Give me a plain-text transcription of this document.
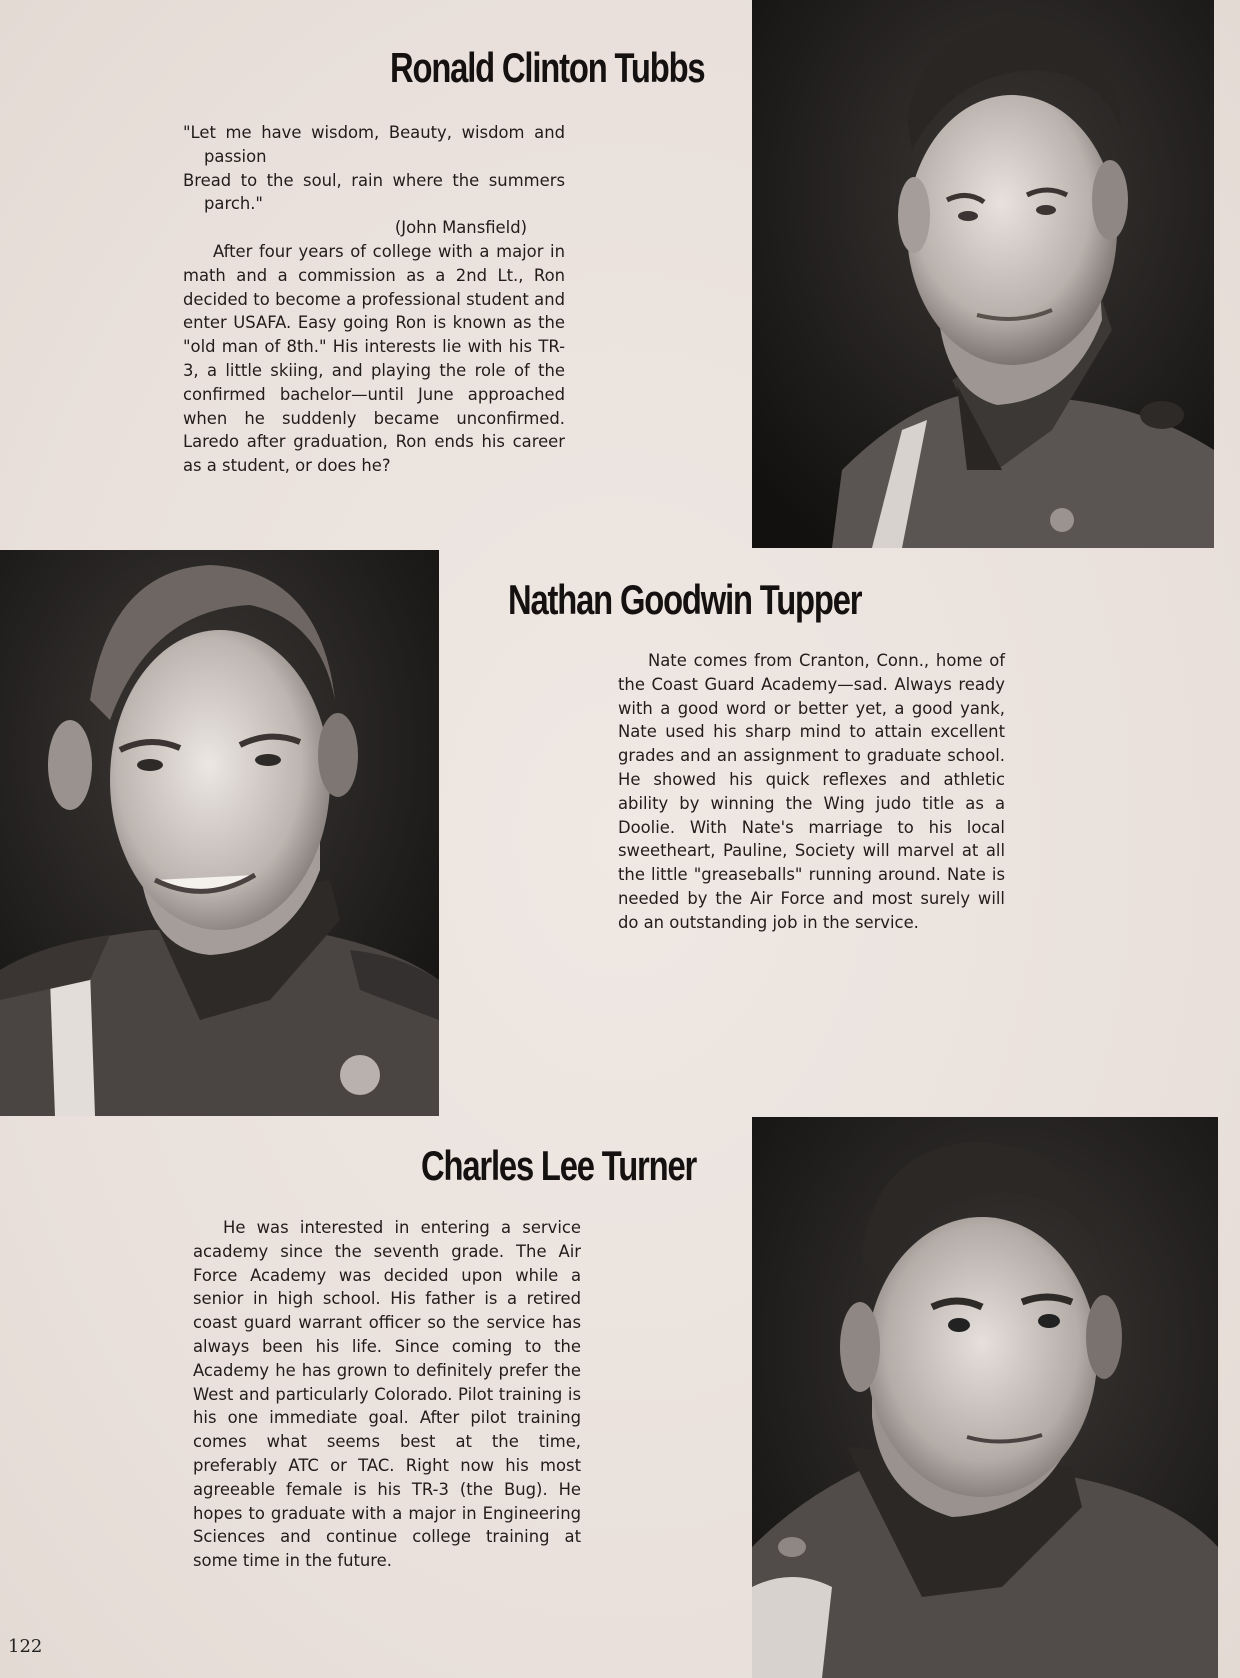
Ronald Clinton Tubbs

"Let me have wisdom, Beauty, wisdom and passion

Bread to the soul, rain where the summers parch."

(John Mansfield)

After four years of college with a major in math and a commission as a 2nd Lt., Ron decided to become a professional student and enter USAFA. Easy going Ron is known as the "old man of 8th." His interests lie with his TR-3, a little skiing, and playing the role of the confirmed bachelor—until June approached when he suddenly became unconfirmed. Laredo after graduation, Ron ends his career as a student, or does he?

Nathan Goodwin Tupper

Nate comes from Cranton, Conn., home of the Coast Guard Academy—sad. Always ready with a good word or better yet, a good yank, Nate used his sharp mind to attain excellent grades and an assignment to graduate school. He showed his quick reflexes and athletic ability by winning the Wing judo title as a Doolie. With Nate's marriage to his local sweetheart, Pauline, Society will marvel at all the little "greaseballs" running around. Nate is needed by the Air Force and most surely will do an outstanding job in the service.

Charles Lee Turner

He was interested in entering a service academy since the seventh grade. The Air Force Academy was decided upon while a senior in high school. His father is a retired coast guard warrant officer so the service has always been his life. Since coming to the Academy he has grown to definitely prefer the West and particularly Colorado. Pilot training is his one immediate goal. After pilot training comes what seems best at the time, preferably ATC or TAC. Right now his most agreeable female is his TR-3 (the Bug). He hopes to graduate with a major in Engineering Sciences and continue college training at some time in the future.

122
